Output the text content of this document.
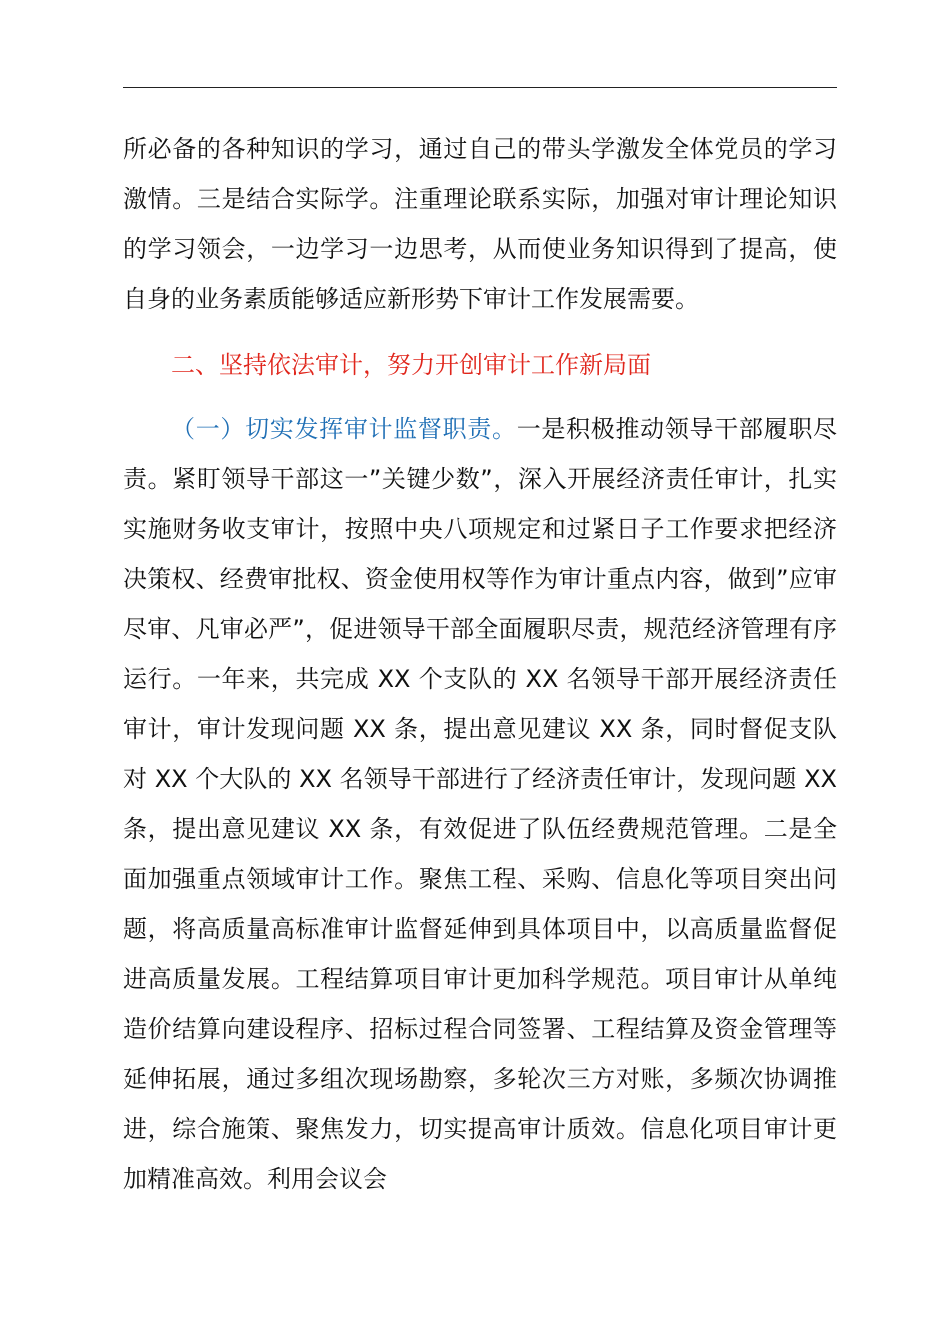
所必备的各种知识的学习，通过自己的带头学激发全体党员的学习激情。三是结合实际学。注重理论联系实际，加强对审计理论知识的学习领会，一边学习一边思考，从而使业务知识得到了提高，使自身的业务素质能够适应新形势下审计工作发展需要。

二、坚持依法审计，努力开创审计工作新局面

（一）切实发挥审计监督职责。一是积极推动领导干部履职尽责。紧盯领导干部这一”关键少数”，深入开展经济责任审计，扎实实施财务收支审计，按照中央八项规定和过紧日子工作要求把经济决策权、经费审批权、资金使用权等作为审计重点内容，做到”应审尽审、凡审必严”，促进领导干部全面履职尽责，规范经济管理有序运行。一年来，共完成 XX 个支队的 XX 名领导干部开展经济责任审计，审计发现问题 XX 条，提出意见建议 XX 条，同时督促支队对 XX 个大队的 XX 名领导干部进行了经济责任审计，发现问题 XX 条，提出意见建议 XX 条，有效促进了队伍经费规范管理。二是全面加强重点领域审计工作。聚焦工程、采购、信息化等项目突出问题，将高质量高标准审计监督延伸到具体项目中，以高质量监督促进高质量发展。工程结算项目审计更加科学规范。项目审计从单纯造价结算向建设程序、招标过程合同签署、工程结算及资金管理等延伸拓展，通过多组次现场勘察，多轮次三方对账，多频次协调推进，综合施策、聚焦发力，切实提高审计质效。信息化项目审计更加精准高效。利用会议会
